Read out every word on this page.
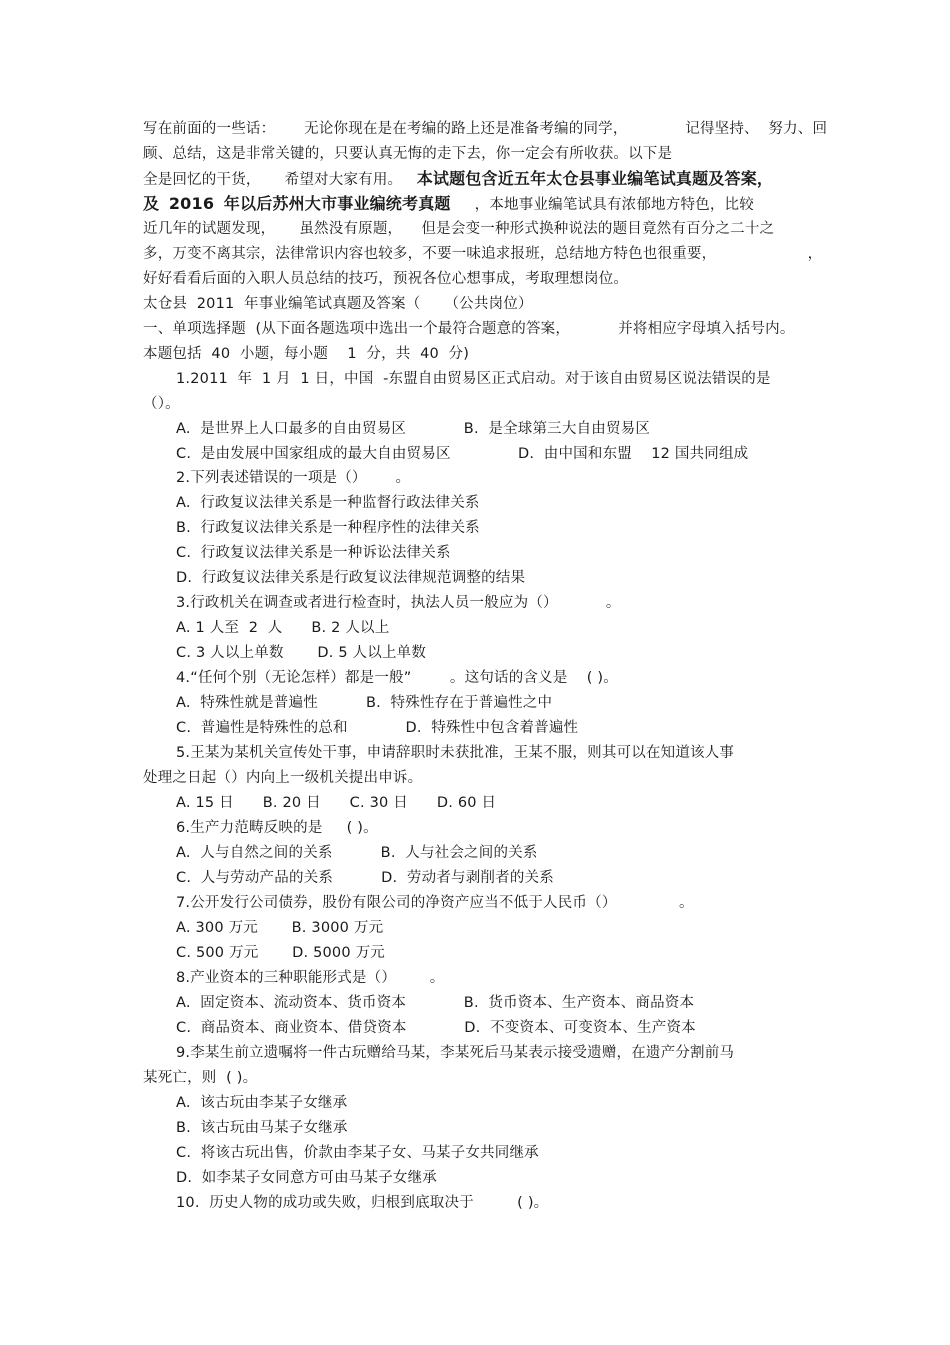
写在前面的一些话：      无论你现在是在考编的路上还是准备考编的同学，            记得坚持、  努力、回
顾、总结，这是非常关键的，只要认真无悔的走下去，你一定会有所收获。以下是
全是回忆的干货，     希望对大家有用。 本试题包含近五年太仓县事业编笔试真题及答案，
及 2016 年以后苏州大市事业编统考真题     ，本地事业编笔试具有浓郁地方特色，比较
近几年的试题发现，     虽然没有原题，    但是会变一种形式换种说法的题目竟然有百分之二十之
多，万变不离其宗，法律常识内容也较多，不要一味追求报班，总结地方特色也很重要，                   ，
好好看看后面的入职人员总结的技巧，预祝各位心想事成，考取理想岗位。
太仓县  2011  年事业编笔试真题及答案（     （公共岗位）
一、单项选择题  (从下面各题选项中选出一个最符合题意的答案，          并将相应字母填入括号内。
本题包括  40  小题，每小题    1  分，共  40  分)
1.2011  年  1 月  1 日，中国  -东盟自由贸易区正式启动。对于该自由贸易区说法错误的是
（）。
A.  是世界上人口最多的自由贸易区            B.  是全球第三大自由贸易区
C.  是由发展中国家组成的最大自由贸易区              D.  由中国和东盟    12 国共同组成
2.下列表述错误的一项是（）      。
A.  行政复议法律关系是一种监督行政法律关系
B.  行政复议法律关系是一种程序性的法律关系
C.  行政复议法律关系是一种诉讼法律关系
D.  行政复议法律关系是行政复议法律规范调整的结果
3.行政机关在调查或者进行检查时，执法人员一般应为（）          。
A. 1 人至  2  人      B. 2 人以上
C. 3 人以上单数       D. 5 人以上单数
4.“任何个别（无论怎样）都是一般”        。这句话的含义是    ( )。
A.  特殊性就是普遍性          B.  特殊性存在于普遍性之中
C.  普遍性是特殊性的总和            D.  特殊性中包含着普遍性
5.王某为某机关宣传处干事，申请辞职时未获批准，王某不服，则其可以在知道该人事
处理之日起（）内向上一级机关提出申诉。
A. 15 日      B. 20 日      C. 30 日      D. 60 日
6.生产力范畴反映的是     ( )。
A.  人与自然之间的关系          B.  人与社会之间的关系
C.  人与劳动产品的关系          D.  劳动者与剥削者的关系
7.公开发行公司债券，股份有限公司的净资产应当不低于人民币（）             。
A. 300 万元       B. 3000 万元
C. 500 万元       D. 5000 万元
8.产业资本的三种职能形式是（）       。
A.  固定资本、流动资本、货币资本            B.  货币资本、生产资本、商品资本
C.  商品资本、商业资本、借贷资本            D.  不变资本、可变资本、生产资本
9.李某生前立遗嘱将一件古玩赠给马某，李某死后马某表示接受遗赠，在遗产分割前马
某死亡，则  ( )。
A.  该古玩由李某子女继承
B.  该古玩由马某子女继承
C.  将该古玩出售，价款由李某子女、马某子女共同继承
D.  如李某子女同意方可由马某子女继承
10.  历史人物的成功或失败，归根到底取决于         ( )。
